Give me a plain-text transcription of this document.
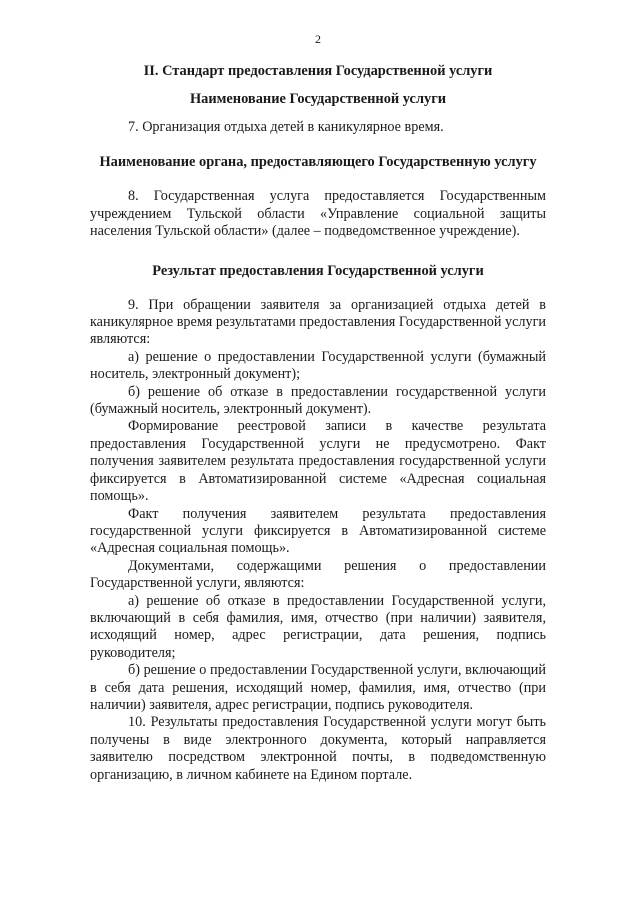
2
II. Стандарт предоставления Государственной услуги
Наименование Государственной услуги

7. Организация отдыха детей в каникулярное время.

Наименование органа, предоставляющего Государственную услугу

8. Государственная услуга предоставляется Государственным учреждением Тульской области «Управление социальной защиты населения Тульской области» (далее – подведомственное учреждение).

Результат предоставления Государственной услуги

9. При обращении заявителя за организацией отдыха детей в каникулярное время результатами предоставления Государственной услуги являются:

а) решение о предоставлении Государственной услуги (бумажный носитель, электронный документ);

б) решение об отказе в предоставлении государственной услуги (бумажный носитель, электронный документ).

Формирование реестровой записи в качестве результата предоставления Государственной услуги не предусмотрено. Факт получения заявителем результата предоставления государственной услуги фиксируется в Автоматизированной системе «Адресная социальная помощь».

Факт получения заявителем результата предоставления государственной услуги фиксируется в Автоматизированной системе «Адресная социальная помощь».

Документами, содержащими решения о предоставлении Государственной услуги, являются:

а) решение об отказе в предоставлении Государственной услуги, включающий в себя фамилия, имя, отчество (при наличии) заявителя, исходящий номер, адрес регистрации, дата решения, подпись руководителя;

б) решение о предоставлении Государственной услуги, включающий в себя дата решения, исходящий номер, фамилия, имя, отчество (при наличии) заявителя, адрес регистрации, подпись руководителя.

10. Результаты предоставления Государственной услуги могут быть получены в виде электронного документа, который направляется заявителю посредством электронной почты, в подведомственную организацию, в личном кабинете на Едином портале.
